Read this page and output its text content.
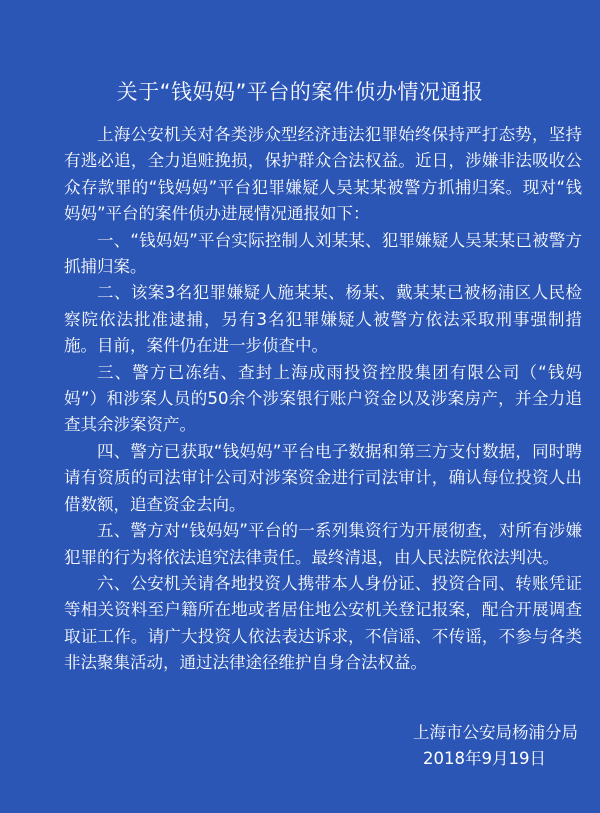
关于“钱妈妈”平台的案件侦办情况通报

上海公安机关对各类涉众型经济违法犯罪始终保持严打态势，坚持有逃必追，全力追赃挽损，保护群众合法权益。近日，涉嫌非法吸收公众存款罪的“钱妈妈”平台犯罪嫌疑人吴某某被警方抓捕归案。现对“钱妈妈”平台的案件侦办进展情况通报如下：

一、“钱妈妈”平台实际控制人刘某某、犯罪嫌疑人吴某某已被警方抓捕归案。

二、该案3名犯罪嫌疑人施某某、杨某、戴某某已被杨浦区人民检察院依法批准逮捕，另有3名犯罪嫌疑人被警方依法采取刑事强制措施。目前，案件仍在进一步侦查中。

三、警方已冻结、查封上海成雨投资控股集团有限公司（“钱妈妈”）和涉案人员的50余个涉案银行账户资金以及涉案房产，并全力追查其余涉案资产。

四、警方已获取“钱妈妈”平台电子数据和第三方支付数据，同时聘请有资质的司法审计公司对涉案资金进行司法审计，确认每位投资人出借数额，追查资金去向。

五、警方对“钱妈妈”平台的一系列集资行为开展彻查，对所有涉嫌犯罪的行为将依法追究法律责任。最终清退，由人民法院依法判决。

六、公安机关请各地投资人携带本人身份证、投资合同、转账凭证等相关资料至户籍所在地或者居住地公安机关登记报案，配合开展调查取证工作。请广大投资人依法表达诉求，不信谣、不传谣，不参与各类非法聚集活动，通过法律途径维护自身合法权益。

上海市公安局杨浦分局
2018年9月19日
